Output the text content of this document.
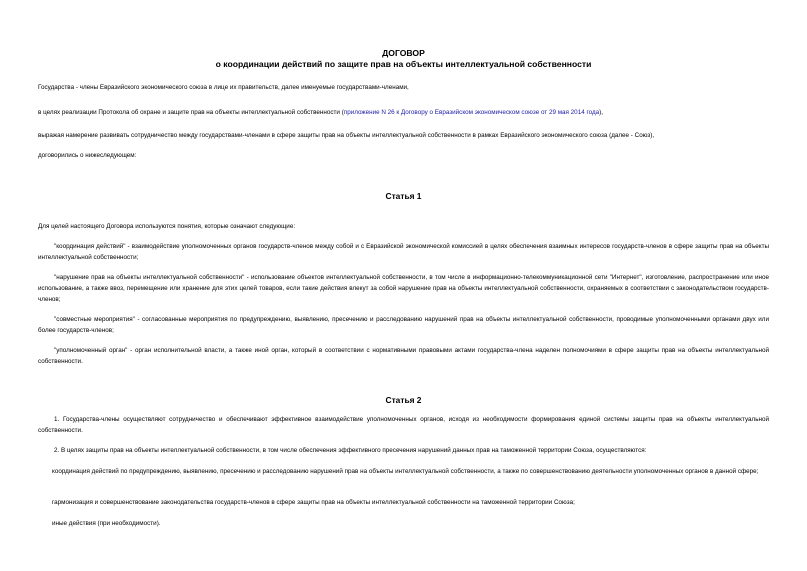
ДОГОВОР
о координации действий по защите прав на объекты интеллектуальной собственности
Государства - члены Евразийского экономического союза в лице их правительств, далее именуемые государствами-членами,
в целях реализации Протокола об охране и защите прав на объекты интеллектуальной собственности (приложение N 26 к Договору о Евразийском экономическом союзе от 29 мая 2014 года),
выражая намерение развивать сотрудничество между государствами-членами в сфере защиты прав на объекты интеллектуальной собственности в рамках Евразийского экономического союза (далее - Союз),
договорились о нижеследующем:
Статья 1
Для целей настоящего Договора используются понятия, которые означают следующие:
"координация действий" - взаимодействие уполномоченных органов государств-членов между собой и с Евразийской экономической комиссией в целях обеспечения взаимных интересов государств-членов в сфере защиты прав на объекты интеллектуальной собственности;
"нарушение прав на объекты интеллектуальной собственности" - использование объектов интеллектуальной собственности, в том числе в информационно-телекоммуникационной сети "Интернет", изготовление, распространение или иное использование, а также ввоз, перемещение или хранение для этих целей товаров, если такие действия влекут за собой нарушение прав на объекты интеллектуальной собственности, охраняемых в соответствии с законодательством государств-членов;
"совместные мероприятия" - согласованные мероприятия по предупреждению, выявлению, пресечению и расследованию нарушений прав на объекты интеллектуальной собственности, проводимые уполномоченными органами двух или более государств-членов;
"уполномоченный орган" - орган исполнительной власти, а также иной орган, который в соответствии с нормативными правовыми актами государства-члена наделен полномочиями в сфере защиты прав на объекты интеллектуальной собственности.
Статья 2
1. Государства-члены осуществляют сотрудничество и обеспечивают эффективное взаимодействие уполномоченных органов, исходя из необходимости формирования единой системы защиты прав на объекты интеллектуальной собственности.
2. В целях защиты прав на объекты интеллектуальной собственности, в том числе обеспечения эффективного пресечения нарушений данных прав на таможенной территории Союза, осуществляются:
координация действий по предупреждению, выявлению, пресечению и расследованию нарушений прав на объекты интеллектуальной собственности, а также по совершенствованию деятельности уполномоченных органов в данной сфере;
гармонизация и совершенствование законодательства государств-членов в сфере защиты прав на объекты интеллектуальной собственности на таможенной территории Союза;
иные действия (при необходимости).
